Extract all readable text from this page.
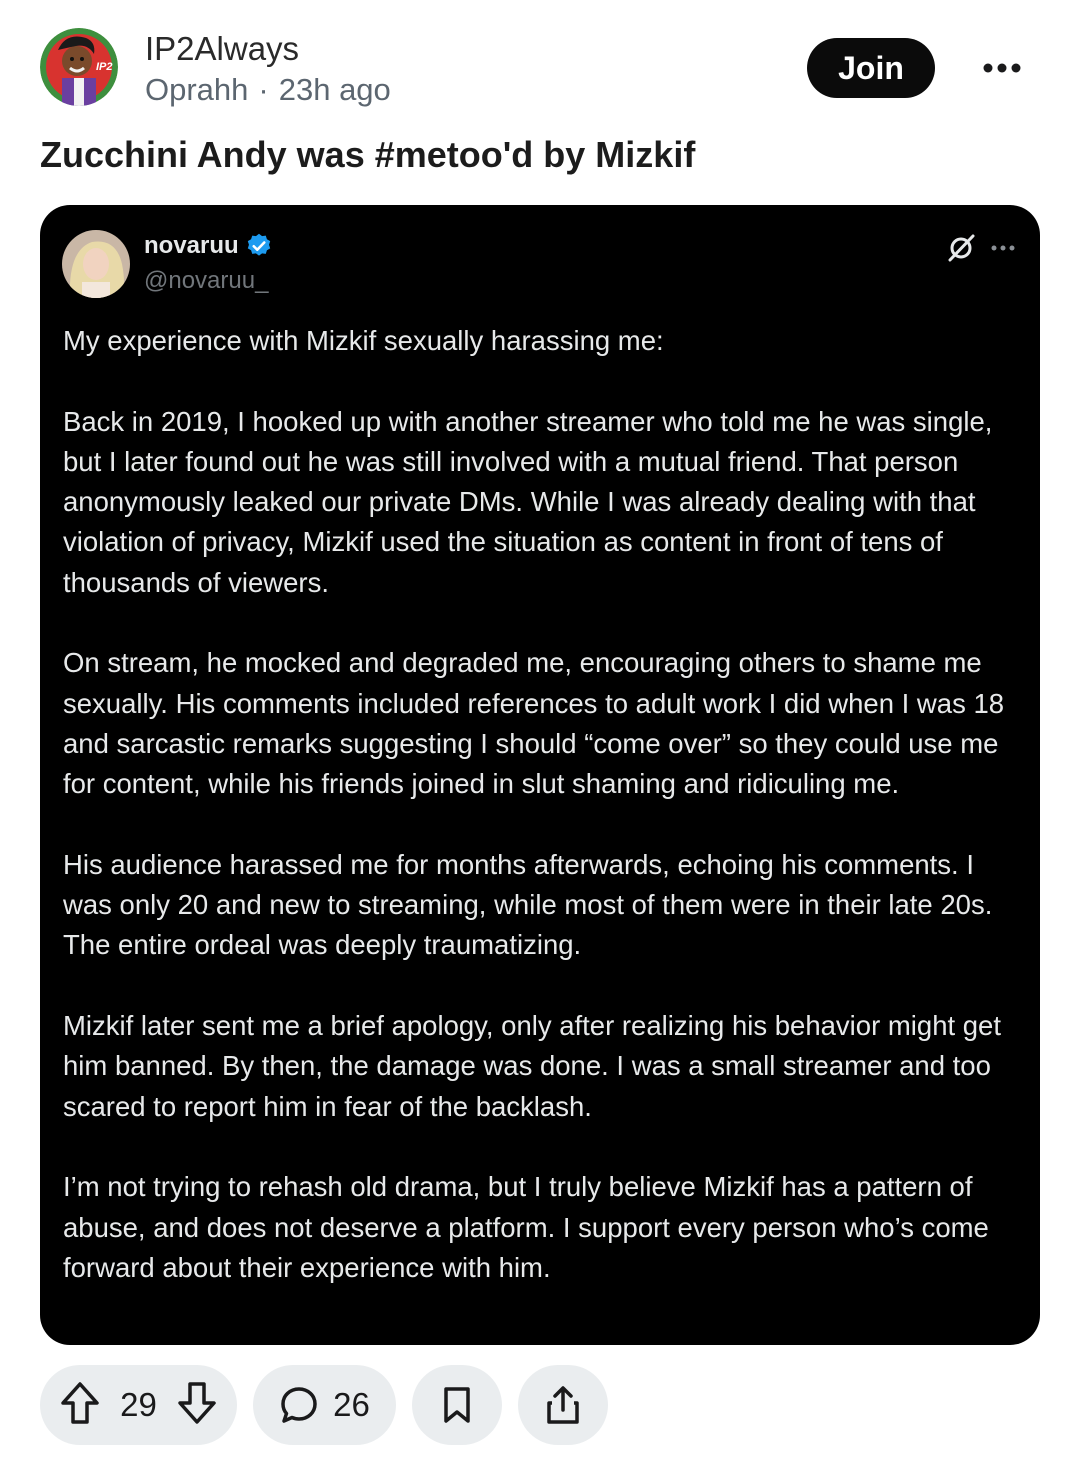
IP2 IP2Always
Oprahh · 23h ago
Join
Zucchini Andy was #metoo'd by Mizkif
novaruu
@novaruu_

My experience with Mizkif sexually harassing me:

Back in 2019, I hooked up with another streamer who told me he was single, but I later found out he was still involved with a mutual friend. That person anonymously leaked our private DMs. While I was already dealing with that violation of privacy, Mizkif used the situation as content in front of tens of thousands of viewers.

On stream, he mocked and degraded me, encouraging others to shame me sexually. His comments included references to adult work I did when I was 18 and sarcastic remarks suggesting I should “come over” so they could use me for content, while his friends joined in slut shaming and ridiculing me.

His audience harassed me for months afterwards, echoing his comments. I was only 20 and new to streaming, while most of them were in their late 20s. The entire ordeal was deeply traumatizing.

Mizkif later sent me a brief apology, only after realizing his behavior might get him banned. By then, the damage was done. I was a small streamer and too scared to report him in fear of the backlash.

I’m not trying to rehash old drama, but I truly believe Mizkif has a pattern of abuse, and does not deserve a platform. I support every person who’s come forward about their experience with him.

29	26
